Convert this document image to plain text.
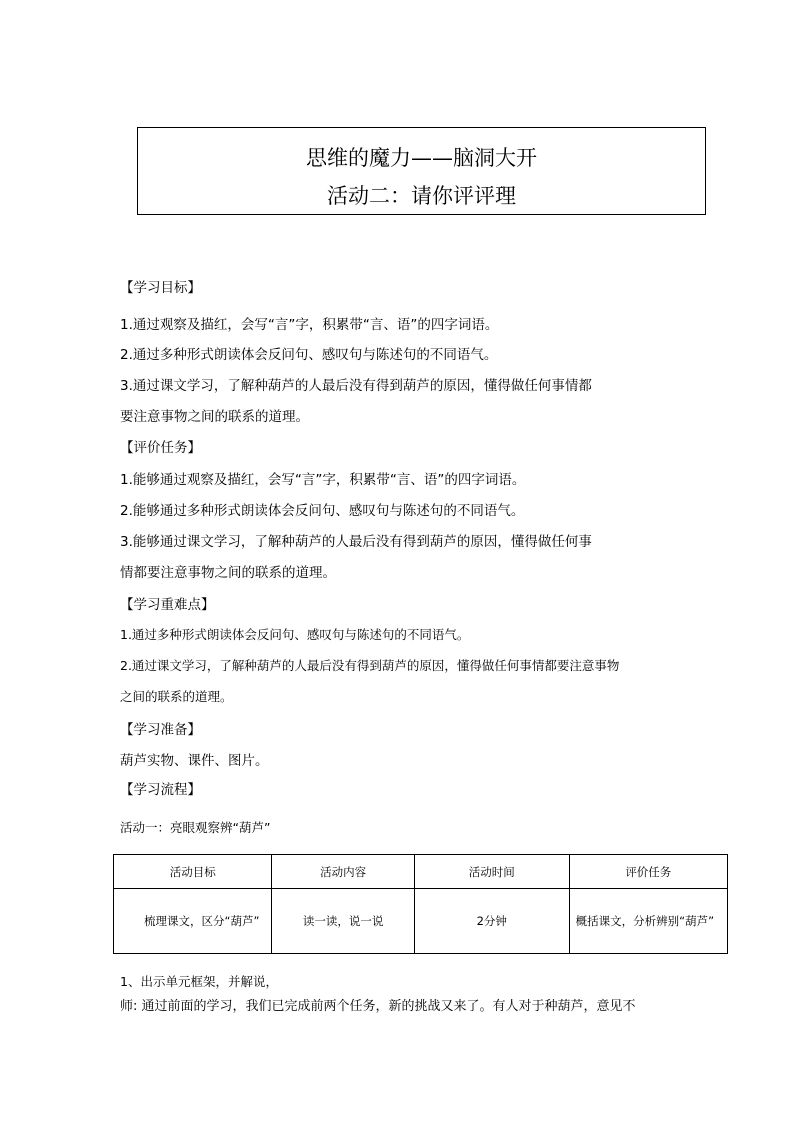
思维的魔力——脑洞大开
活动二：请你评评理
【学习目标】
1.通过观察及描红，会写“言”字，积累带“言、语”的四字词语。
2.通过多种形式朗读体会反问句、感叹句与陈述句的不同语气。
3.通过课文学习，了解种葫芦的人最后没有得到葫芦的原因，懂得做任何事情都
要注意事物之间的联系的道理。
【评价任务】
1.能够通过观察及描红，会写“言”字，积累带“言、语”的四字词语。
2.能够通过多种形式朗读体会反问句、感叹句与陈述句的不同语气。
3.能够通过课文学习，了解种葫芦的人最后没有得到葫芦的原因，懂得做任何事
情都要注意事物之间的联系的道理。
【学习重难点】
1.通过多种形式朗读体会反问句、感叹句与陈述句的不同语气。
2.通过课文学习，了解种葫芦的人最后没有得到葫芦的原因，懂得做任何事情都要注意事物
之间的联系的道理。
【学习准备】
葫芦实物、课件、图片。
【学习流程】
活动一：亮眼观察辨“葫芦”
活动目标	活动内容	活动时间	评价任务
梳理课文，区分“葫芦”	读一读，说一说	2分钟	概括课文，分析辨别“葫芦”
1、出示单元框架，并解说，
师: 通过前面的学习，我们已完成前两个任务，新的挑战又来了。有人对于种葫芦，意见不
